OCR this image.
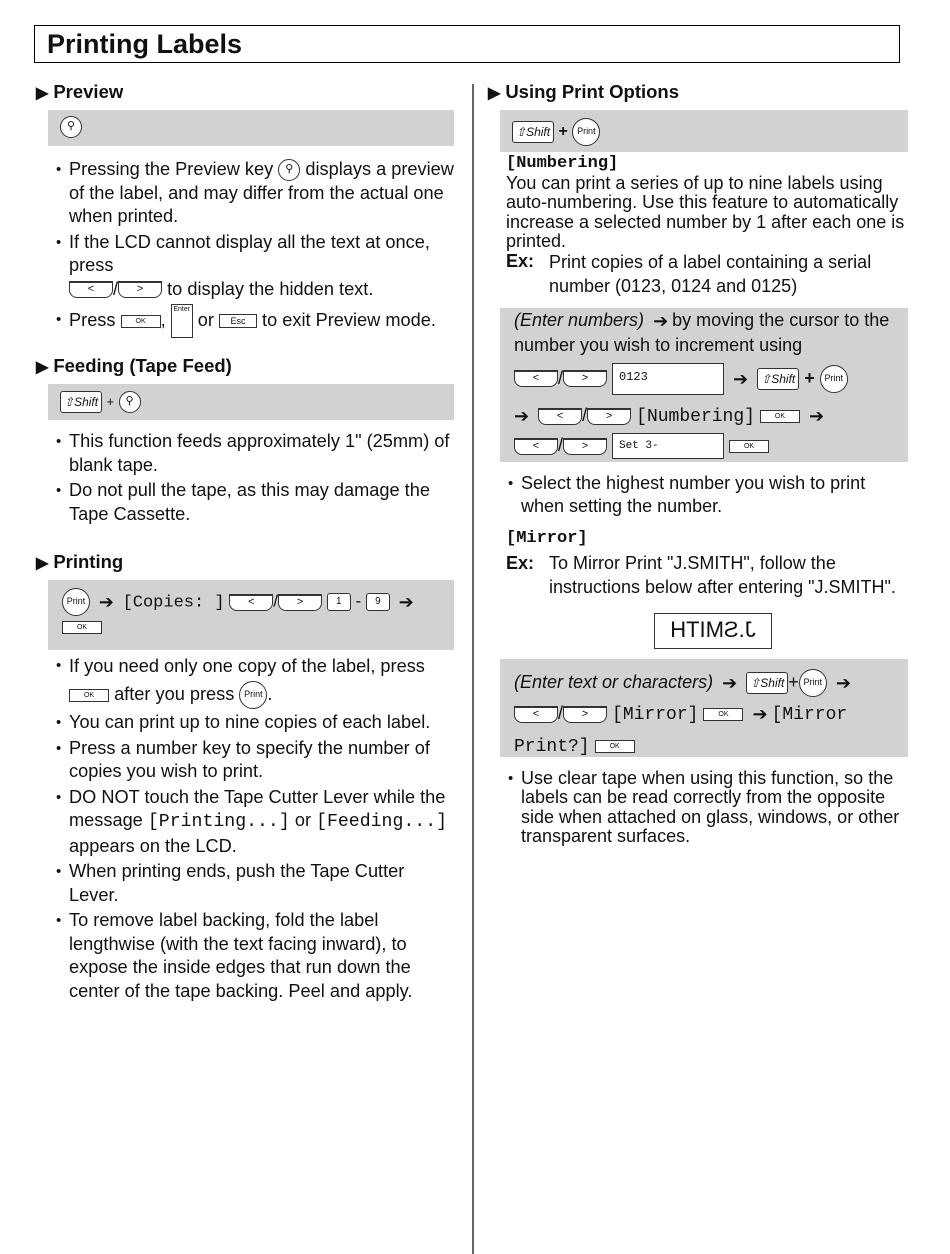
Printing Labels
▶ Preview
⚲
• Pressing the Preview key ⚲ displays a preview of the label, and may differ from the actual one when printed.
• If the LCD cannot display all the text at once, press
< / > to display the hidden text.
• Press	OK , Enter or Esc to exit Preview mode.
▶ Feeding (Tape Feed)
⇧Shift + ⚲
• This function feeds approximately 1" (25mm) of blank tape.
• Do not pull the tape, as this may damage the Tape Cassette.
▶ Printing
Print ➔ [Copies: ] < / >	1 - 9 ➔
OK
• If you need only one copy of the label, press
OK after you press Print .
• You can print up to nine copies of each label.
• Press a number key to specify the number of copies you wish to print.
• DO NOT touch the Tape Cutter Lever while the message [Printing...] or [Feeding...] appears on the LCD.
• When printing ends, push the Tape Cutter Lever.
• To remove label backing, fold the label lengthwise (with the text facing inward), to expose the inside edges that run down the center of the tape backing. Peel and apply.
▶ Using Print Options
⇧Shift + Print

[Numbering]

You can print a series of up to nine labels using auto-numbering. Use this feature to automatically increase a selected number by 1 after each one is printed.

Ex: Print copies of a label containing a serial number (0123, 0124 and 0125)

(Enter numbers) ➔ by moving the cursor to the number you wish to increment using

< / >	0123	➔ ⇧Shift + Print
➔	< / > [Numbering]	OK ➔
< / >	Set 3-	OK
• Select the highest number you wish to print when setting the number.

[Mirror]

Ex: To Mirror Print "J.SMITH", follow the instructions below after entering "J.SMITH".
J.SMITH
(Enter text or characters) ➔ ⇧Shift + Print ➔
< / > [Mirror]	OK ➔ [Mirror Print?]	OK
• Use clear tape when using this function, so the labels can be read correctly from the opposite side when attached on glass, windows, or other transparent surfaces.
